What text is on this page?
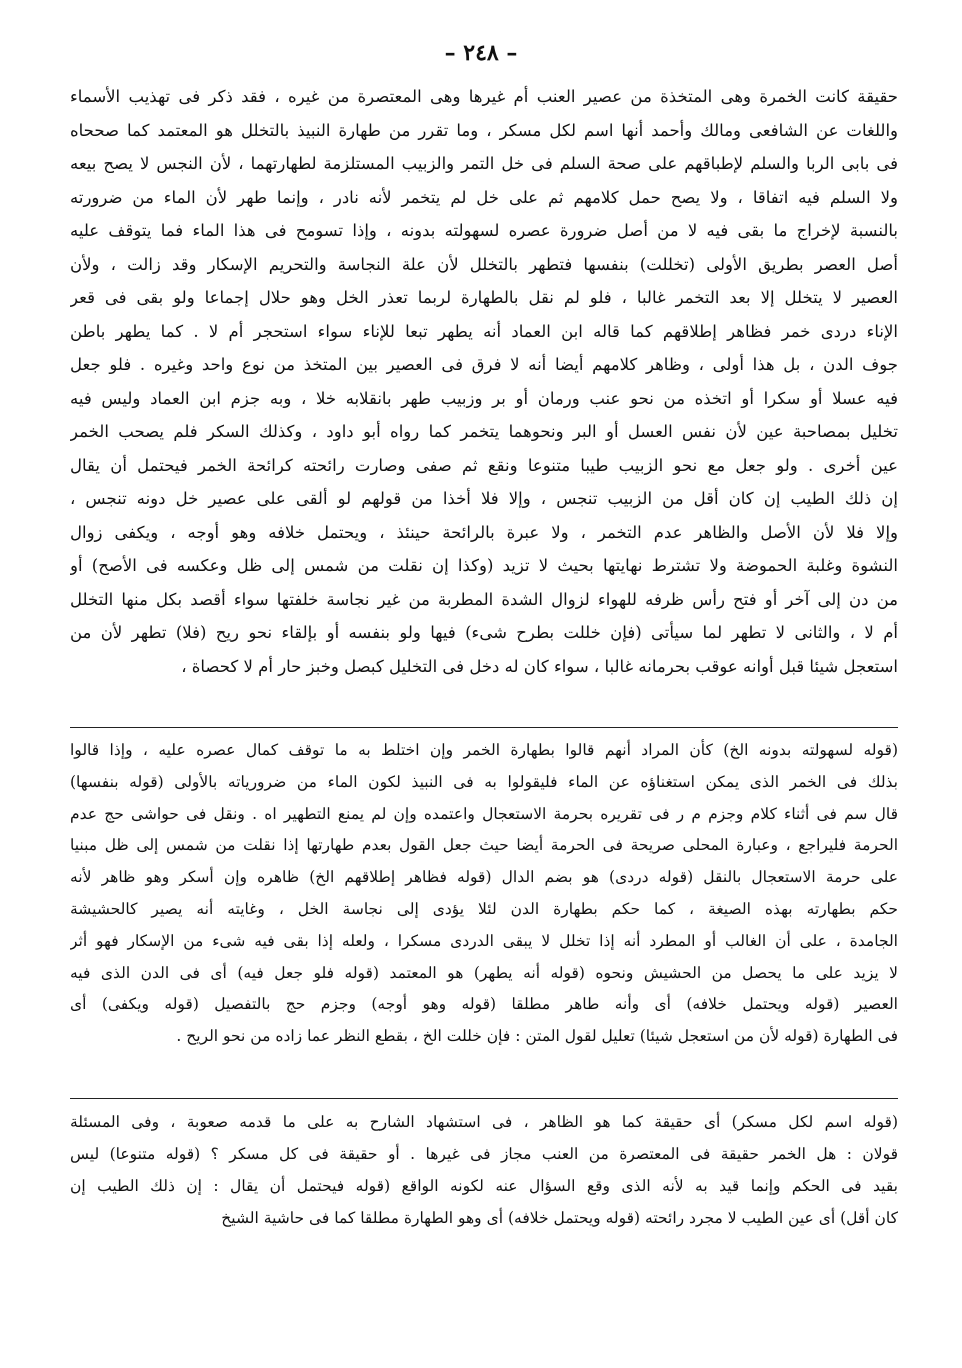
– ٢٤٨ –
حقيقة كانت الخمرة وهى المتخذة من عصير العنب أم غيرها وهى المعتصرة من غيره ، فقد ذكر فى تهذيب الأسماء
واللغات عن الشافعى ومالك وأحمد أنها اسم لكل مسكر ، وما تقرر من طهارة النبيذ بالتخلل هو المعتمد كما صححاه
فى بابى الربا والسلم لإطباقهم على صحة السلم فى خل التمر والزبيب المستلزمة لطهارتهما ، لأن النجس لا يصح بيعه
ولا السلم فيه اتفاقا ، ولا يصح حمل كلامهم ثم على خل لم يتخمر لأنه نادر ، وإنما طهر لأن الماء من ضرورته
بالنسبة لإخراج ما بقى فيه لا من أصل ضرورة عصره لسهولته بدونه ، وإذا تسومح فى هذا الماء فما يتوقف عليه
أصل العصر بطريق الأولى (تخللت) بنفسها فتطهر بالتخلل لأن علة النجاسة والتحريم الإسكار وقد زالت ، ولأن
العصير لا يتخلل إلا بعد التخمر غالبا ، فلو لم نقل بالطهارة لربما تعذر الخل وهو حلال إجماعا ولو بقى فى قعر
الإناء دردى خمر فظاهر إطلاقهم كما قاله ابن العماد أنه يطهر تبعا للإناء سواء استحجر أم لا . كما يطهر باطن
جوف الدن ، بل هذا أولى ، وظاهر كلامهم أيضا أنه لا فرق فى العصير بين المتخذ من نوع واحد وغيره . فلو جعل
فيه عسلا أو سكرا أو اتخذه من نحو عنب ورمان أو بر وزبيب طهر بانقلابه خلا ، وبه جزم ابن العماد وليس فيه
تخليل بمصاحبة عين لأن نفس العسل أو البر ونحوهما يتخمر كما رواه أبو داود ، وكذلك السكر فلم يصحب الخمر
عين أخرى . ولو جعل مع نحو الزبيب طيبا متنوعا ونقع ثم صفى وصارت رائحته كرائحة الخمر فيحتمل أن يقال
إن ذلك الطيب إن كان أقل من الزبيب تنجس ، وإلا فلا أخذا من قولهم لو ألقى على عصير خل دونه تنجس ،
وإلا فلا لأن الأصل والظاهر عدم التخمر ، ولا عبرة بالرائحة حينئذ ، ويحتمل خلافه وهو أوجه ، ويكفى زوال
النشوة وغلبة الحموضة ولا تشترط نهايتها بحيث لا تزيد (وكذا إن نقلت من شمس إلى ظل وعكسه فى الأصح) أو
من دن إلى آخر أو فتح رأس ظرفه للهواء لزوال الشدة المطربة من غير نجاسة خلفتها سواء أقصد بكل منها التخلل
أم لا ، والثانى لا تطهر لما سيأتى (فإن خللت بطرح شىء) فيها ولو بنفسه أو بإلقاء نحو ريح (فلا) تطهر لأن من
استعجل شيئا قبل أوانه عوقب بحرمانه غالبا ، سواء كان له دخل فى التخليل كبصل وخبز حار أم لا كحصاة ،
(قوله لسهولته بدونه الخ) كأن المراد أنهم قالوا بطهارة الخمر وإن اختلط به ما توقف كمال عصره عليه ، وإذا قالوا
بذلك فى الخمر الذى يمكن استغناؤه عن الماء فليقولوا به فى النبيذ لكون الماء من ضرورياته بالأولى (قوله بنفسها)
قال سم فى أثناء كلام وجزم م ر فى تقريره بحرمة الاستعجال واعتمده وإن لم يمنع التطهير اه . ونقل فى حواشى حج عدم
الحرمة فليراجع ، وعبارة المحلى صريحة فى الحرمة أيضا حيث جعل القول بعدم طهارتها إذا نقلت من شمس إلى ظل مبنيا
على حرمة الاستعجال بالنقل (قوله دردى) هو بضم الدال (قوله فظاهر إطلاقهم الخ) ظاهره وإن أسكر وهو ظاهر لأنه
حكم بطهارته بهذه الصيغة ، كما حكم بطهارة الدن لئلا يؤدى إلى نجاسة الخل ، وغايته أنه يصير كالحشيشة
الجامدة ، على أن الغالب أو المطرد أنه إذا تخلل لا يبقى الدردى مسكرا ، ولعله إذا بقى فيه شىء من الإسكار فهو أثر
لا يزيد على ما يحصل من الحشيش ونحوه (قوله أنه يطهر) هو المعتمد (قوله فلو جعل فيه) أى فى الدن الذى فيه
العصير (قوله ويحتمل خلافه) أى وأنه طاهر مطلقا (قوله وهو أوجه) وجزم حج بالتفصيل (قوله ويكفى) أى
فى الطهارة (قوله لأن من استعجل شيئا) تعليل لقول المتن : فإن خللت الخ ، بقطع النظر عما زاده من نحو الريح .
(قوله اسم لكل مسكر) أى حقيقة كما هو الظاهر ، فى استشهاد الشارح به على ما قدمه صعوبة ، وفى المسئلة
قولان : هل الخمر حقيقة فى المعتصرة من العنب مجاز فى غيرها . أو حقيقة فى كل مسكر ؟ (قوله متنوعا) ليس
بقيد فى الحكم وإنما قيد به لأنه الذى وقع السؤال عنه لكونه الواقع (قوله فيحتمل أن يقال : إن ذلك الطيب إن
كان أقل) أى عين الطيب لا مجرد رائحته (قوله ويحتمل خلافه) أى وهو الطهارة مطلقا كما فى حاشية الشيخ
